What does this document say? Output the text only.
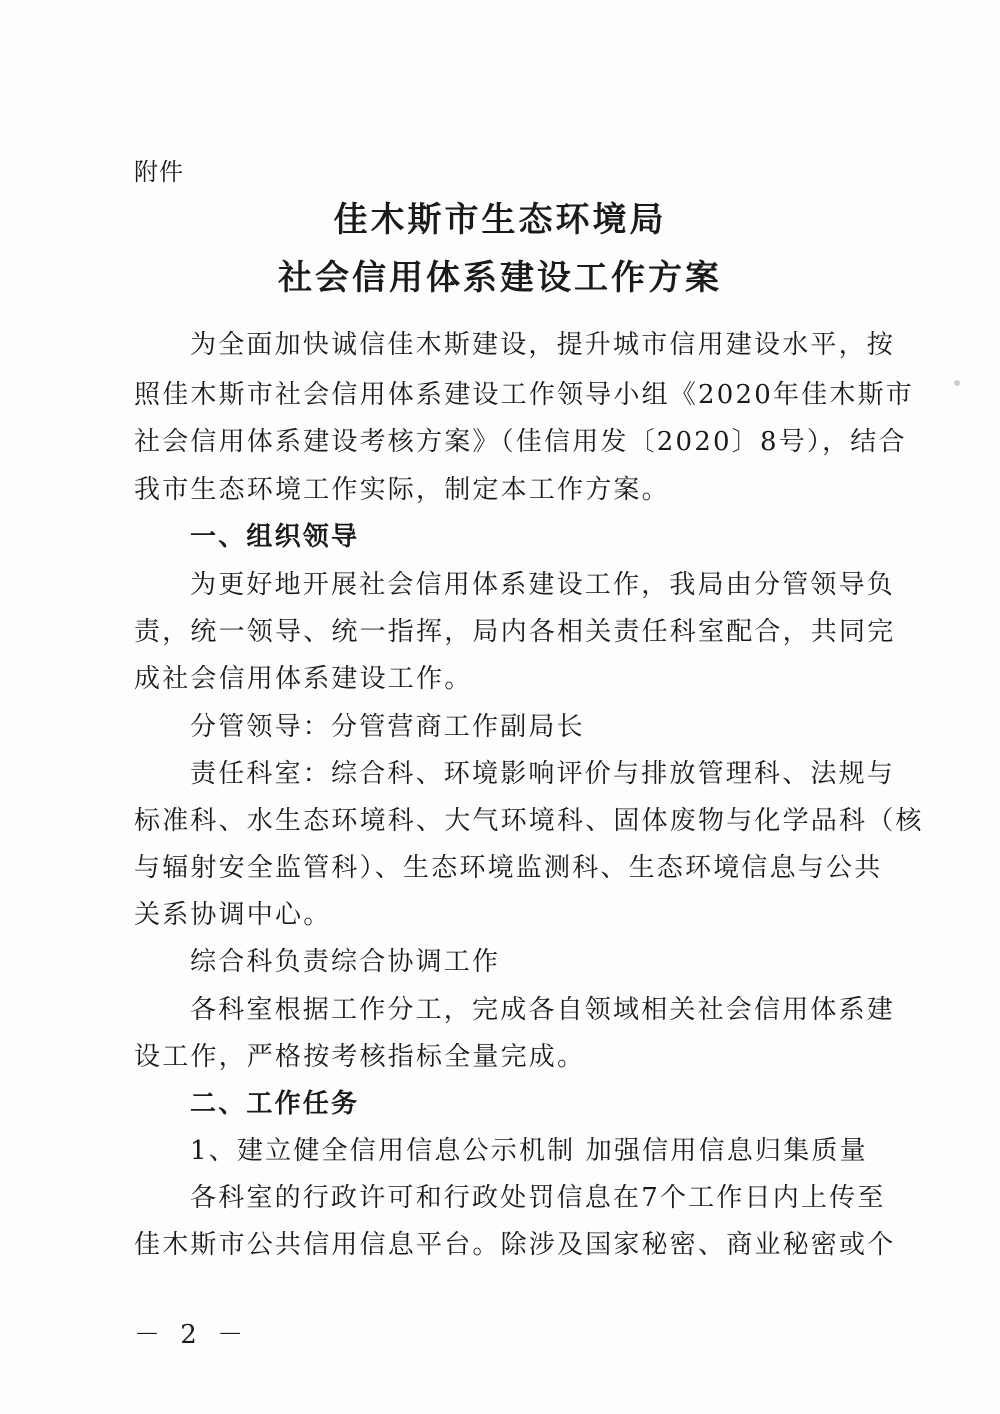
附件
佳木斯市生态环境局
社会信用体系建设工作方案
为全面加快诚信佳木斯建设，提升城市信用建设水平，按
照佳木斯市社会信用体系建设工作领导小组《2020年佳木斯市
社会信用体系建设考核方案》（佳信用发〔2020〕8号），结合
我市生态环境工作实际，制定本工作方案。
一、组织领导
为更好地开展社会信用体系建设工作，我局由分管领导负
责，统一领导、统一指挥，局内各相关责任科室配合，共同完
成社会信用体系建设工作。
分管领导：分管营商工作副局长
责任科室：综合科、环境影响评价与排放管理科、法规与
标准科、水生态环境科、大气环境科、固体废物与化学品科（核
与辐射安全监管科）、生态环境监测科、生态环境信息与公共
关系协调中心。
综合科负责综合协调工作
各科室根据工作分工，完成各自领域相关社会信用体系建
设工作，严格按考核指标全量完成。
二、工作任务
1、建立健全信用信息公示机制 加强信用信息归集质量
各科室的行政许可和行政处罚信息在7个工作日内上传至
佳木斯市公共信用信息平台。除涉及国家秘密、商业秘密或个
－ 2 －
